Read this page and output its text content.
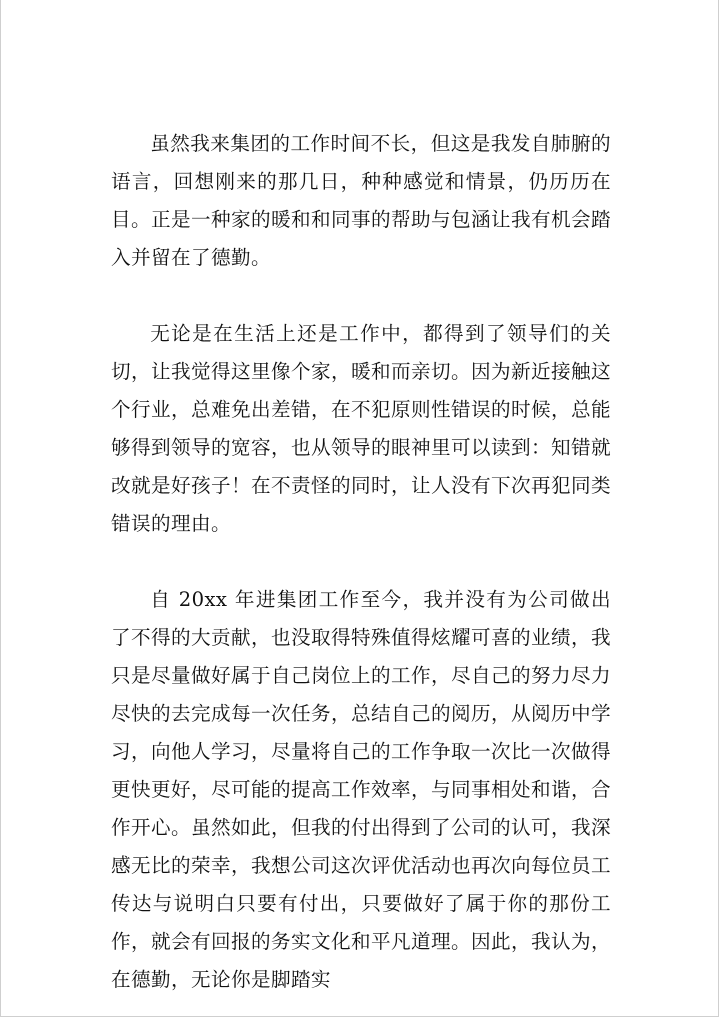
虽然我来集团的工作时间不长，但这是我发自肺腑的语言，回想刚来的那几日，种种感觉和情景，仍历历在目。正是一种家的暖和和同事的帮助与包涵让我有机会踏入并留在了德勤。

无论是在生活上还是工作中，都得到了领导们的关切，让我觉得这里像个家，暖和而亲切。因为新近接触这个行业，总难免出差错，在不犯原则性错误的时候，总能够得到领导的宽容，也从领导的眼神里可以读到：知错就改就是好孩子！在不责怪的同时，让人没有下次再犯同类错误的理由。

自 20xx 年进集团工作至今，我并没有为公司做出了不得的大贡献，也没取得特殊值得炫耀可喜的业绩，我只是尽量做好属于自己岗位上的工作，尽自己的努力尽力尽快的去完成每一次任务，总结自己的阅历，从阅历中学习，向他人学习，尽量将自己的工作争取一次比一次做得更快更好，尽可能的提高工作效率，与同事相处和谐，合作开心。虽然如此，但我的付出得到了公司的认可，我深感无比的荣幸，我想公司这次评优活动也再次向每位员工传达与说明白只要有付出，只要做好了属于你的那份工作，就会有回报的务实文化和平凡道理。因此，我认为，在德勤，无论你是脚踏实
